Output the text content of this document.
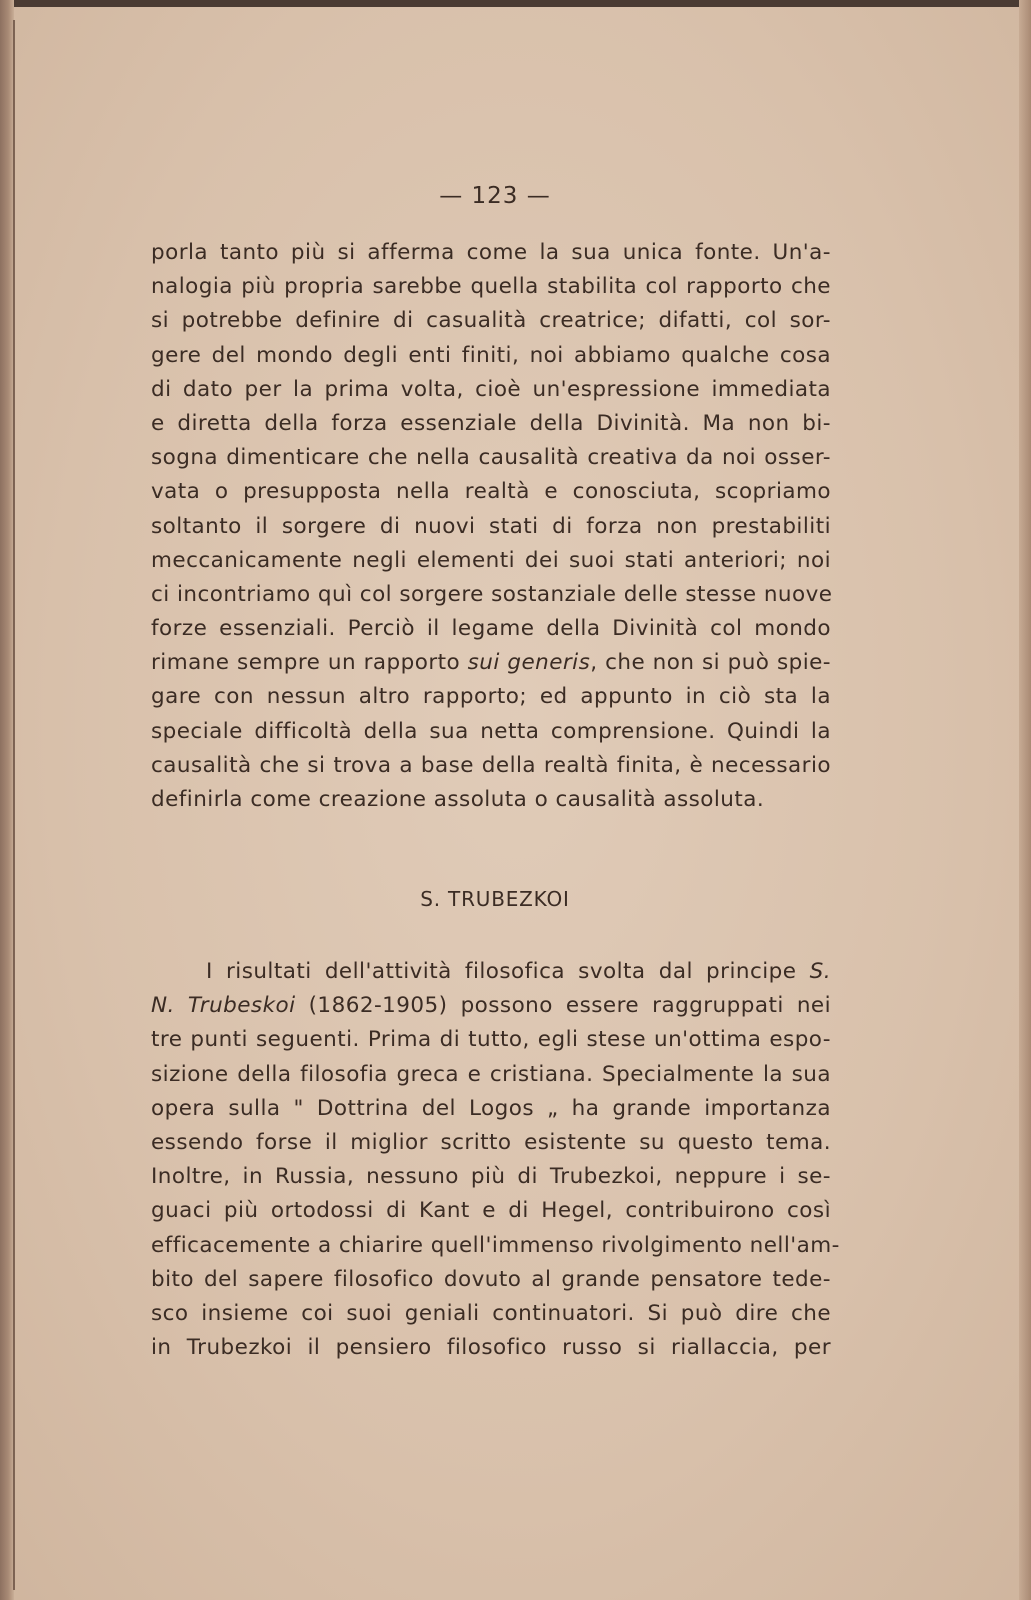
— 123 —
porla tanto più si afferma come la sua unica fonte. Un'a-
nalogia più propria sarebbe quella stabilita col rapporto che
si potrebbe definire di casualità creatrice; difatti, col sor-
gere del mondo degli enti finiti, noi abbiamo qualche cosa
di dato per la prima volta, cioè un'espressione immediata
e diretta della forza essenziale della Divinità. Ma non bi-
sogna dimenticare che nella causalità creativa da noi osser-
vata o presupposta nella realtà e conosciuta, scopriamo
soltanto il sorgere di nuovi stati di forza non prestabiliti
meccanicamente negli elementi dei suoi stati anteriori; noi
ci incontriamo quì col sorgere sostanziale delle stesse nuove
forze essenziali. Perciò il legame della Divinità col mondo
rimane sempre un rapporto sui generis, che non si può spie-
gare con nessun altro rapporto; ed appunto in ciò sta la
speciale difficoltà della sua netta comprensione. Quindi la
causalità che si trova a base della realtà finita, è necessario
definirla come creazione assoluta o causalità assoluta.
S. TRUBEZKOI
I risultati dell'attività filosofica svolta dal principe S.
N. Trubeskoi (1862-1905) possono essere raggruppati nei
tre punti seguenti. Prima di tutto, egli stese un'ottima espo-
sizione della filosofia greca e cristiana. Specialmente la sua
opera sulla " Dottrina del Logos „ ha grande importanza
essendo forse il miglior scritto esistente su questo tema.
Inoltre, in Russia, nessuno più di Trubezkoi, neppure i se-
guaci più ortodossi di Kant e di Hegel, contribuirono così
efficacemente a chiarire quell'immenso rivolgimento nell'am-
bito del sapere filosofico dovuto al grande pensatore tede-
sco insieme coi suoi geniali continuatori. Si può dire che
in Trubezkoi il pensiero filosofico russo si riallaccia, per
